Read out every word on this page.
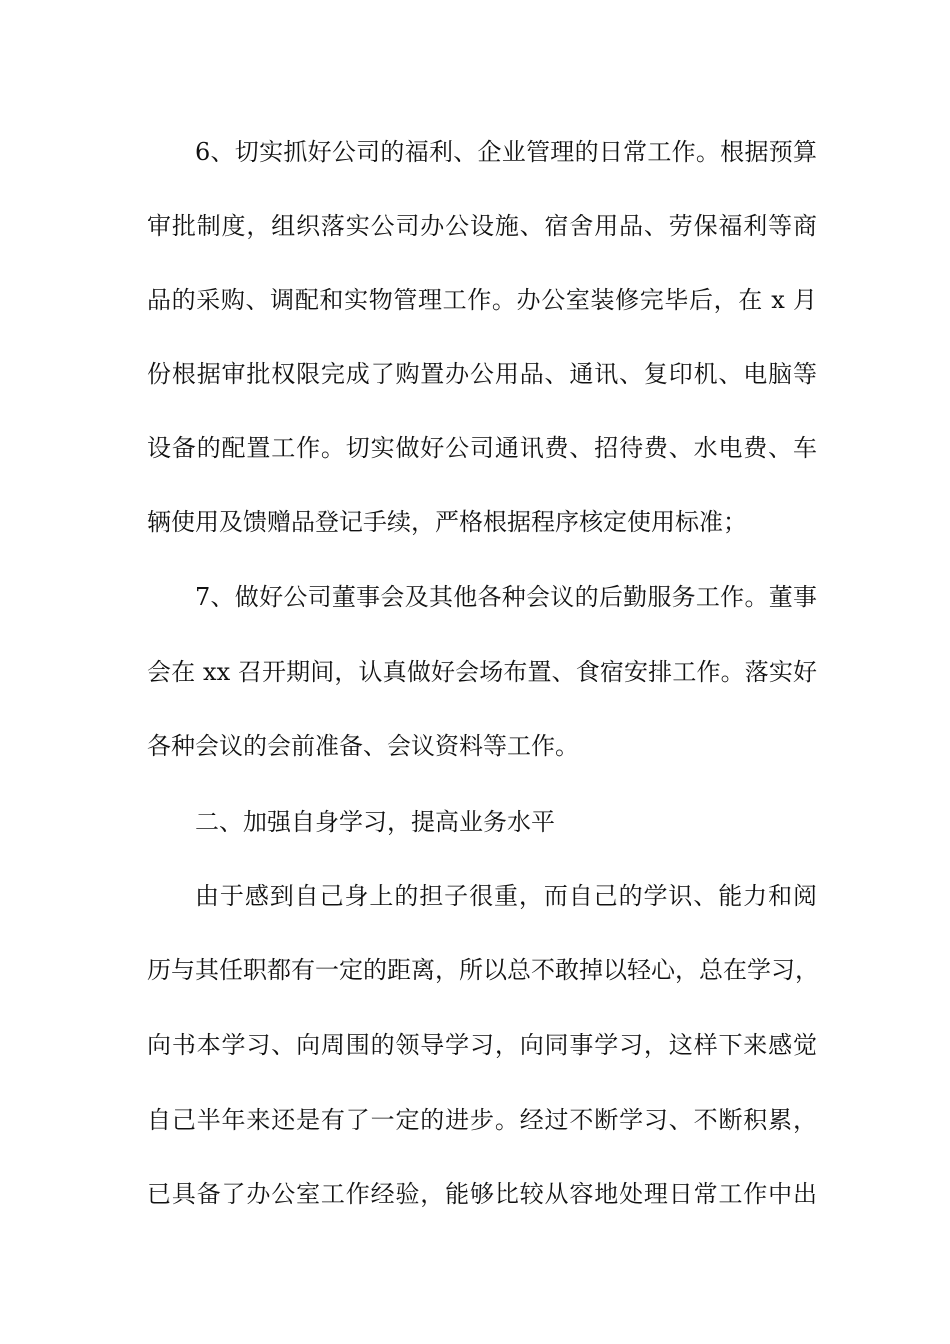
6、切实抓好公司的福利、企业管理的日常工作。根据预算
审批制度，组织落实公司办公设施、宿舍用品、劳保福利等商
品的采购、调配和实物管理工作。办公室装修完毕后，在 x 月
份根据审批权限完成了购置办公用品、通讯、复印机、电脑等
设备的配置工作。切实做好公司通讯费、招待费、水电费、车
辆使用及馈赠品登记手续，严格根据程序核定使用标准；
7、做好公司董事会及其他各种会议的后勤服务工作。董事
会在 xx 召开期间，认真做好会场布置、食宿安排工作。落实好
各种会议的会前准备、会议资料等工作。
二、加强自身学习，提高业务水平
由于感到自己身上的担子很重，而自己的学识、能力和阅
历与其任职都有一定的距离，所以总不敢掉以轻心，总在学习，
向书本学习、向周围的领导学习，向同事学习，这样下来感觉
自己半年来还是有了一定的进步。经过不断学习、不断积累，
已具备了办公室工作经验，能够比较从容地处理日常工作中出
